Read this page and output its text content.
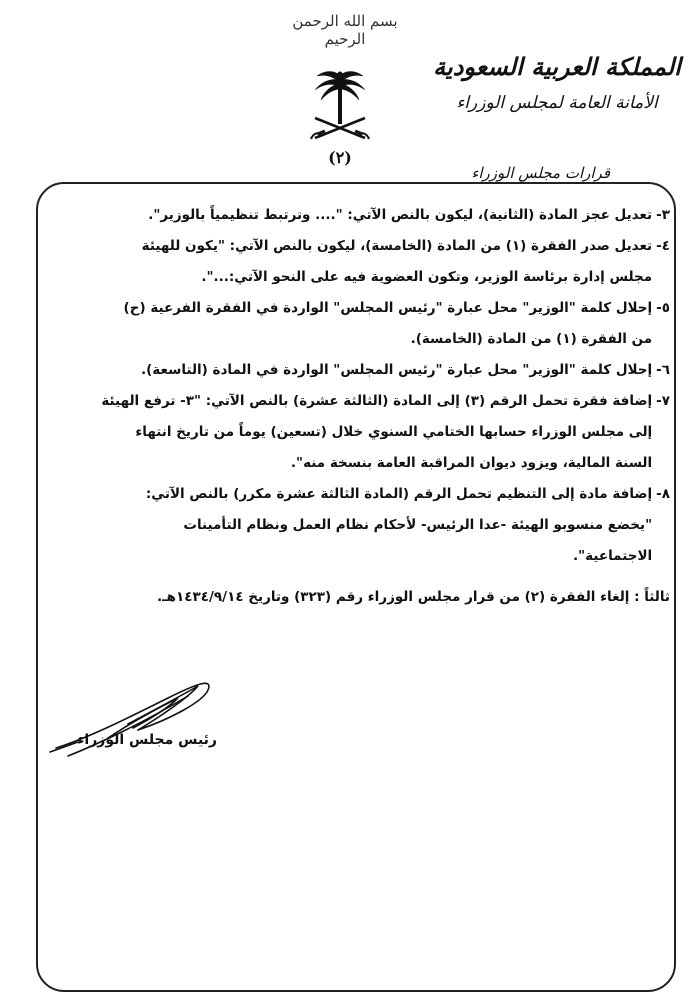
بسم الله الرحمن الرحيم
(٢)
المملكة العربية السعودية
الأمانة العامة لمجلس الوزراء
قرارات مجلس الوزراء
٣-

تعديل عجز المادة (الثانية)، ليكون بالنص الآتي: ".... وترتبط تنظيمياً بالوزير".

٤-

تعديل صدر الفقرة (١) من المادة (الخامسة)، ليكون بالنص الآتي: "يكون للهيئة

مجلس إدارة برئاسة الوزير، وتكون العضوية فيه على النحو الآتي:...".

٥-

إحلال كلمة "الوزير" محل عبارة "رئيس المجلس" الواردة في الفقرة الفرعية (ح)

من الفقرة (١) من المادة (الخامسة).

٦-

إحلال كلمة "الوزير" محل عبارة "رئيس المجلس" الواردة في المادة (التاسعة).

٧-

إضافة فقرة تحمل الرقم (٣) إلى المادة (الثالثة عشرة) بالنص الآتي: "٣- ترفع الهيئة

إلى مجلس الوزراء حسابها الختامي السنوي خلال (تسعين) يوماً من تاريخ انتهاء

السنة المالية، ويزود ديوان المراقبة العامة بنسخة منه".

٨-

إضافة مادة إلى التنظيم تحمل الرقم (المادة الثالثة عشرة مكرر) بالنص الآتي:

"يخضع منسوبو الهيئة -عدا الرئيس- لأحكام نظام العمل ونظام التأمينات

الاجتماعية".

ثالثاً : إلغاء الفقرة (٢) من قرار مجلس الوزراء رقم (٣٢٣) وتاريخ ١٤٣٤/٩/١٤هـ.

رئيس مجلس الوزراء
